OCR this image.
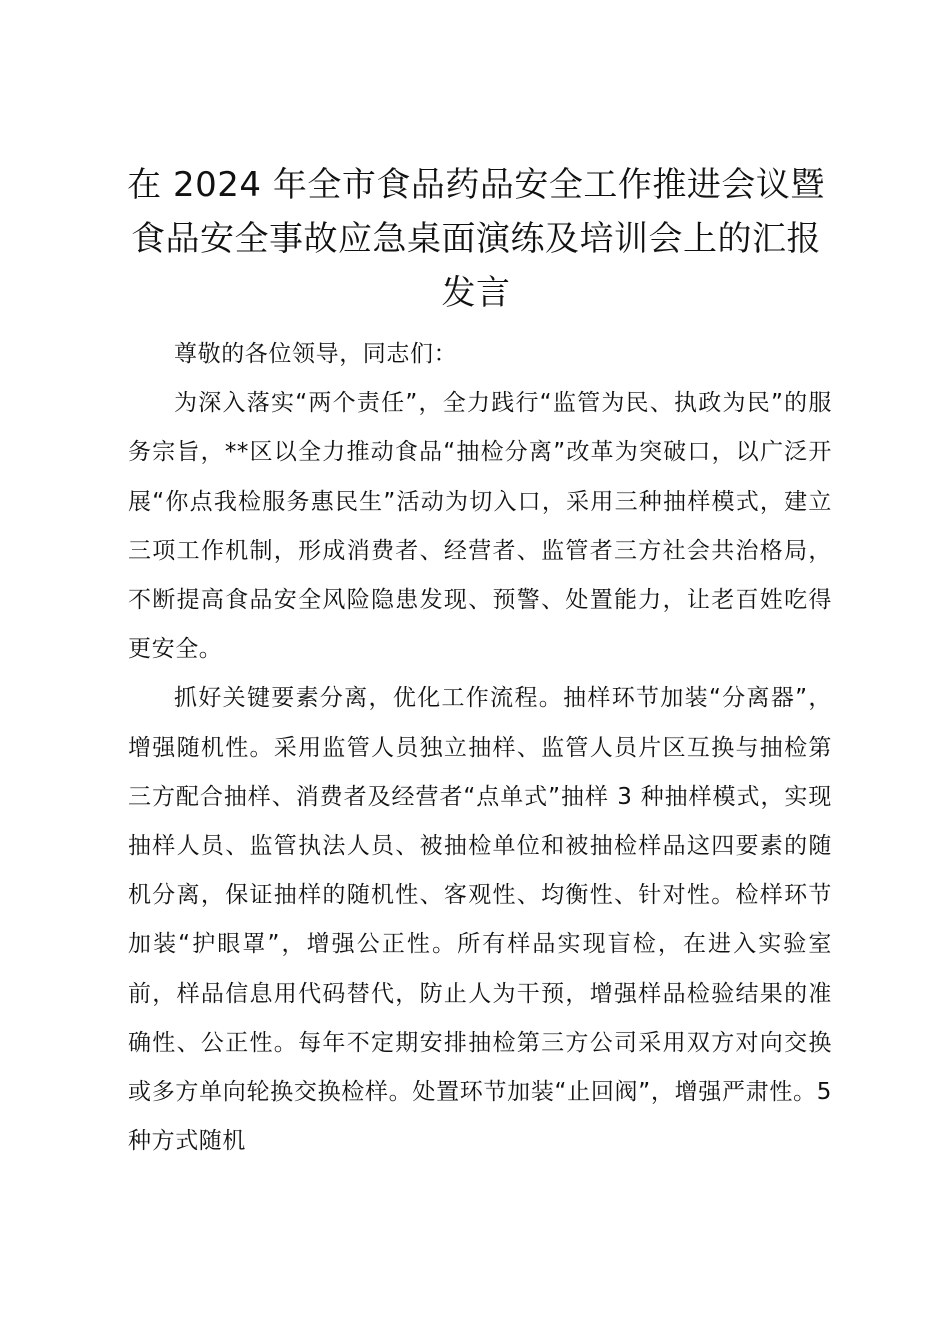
在 2024 年全市食品药品安全工作推进会议暨食品安全事故应急桌面演练及培训会上的汇报发言

尊敬的各位领导，同志们：

为深入落实“两个责任”，全力践行“监管为民、执政为民”的服务宗旨，**区以全力推动食品“抽检分离”改革为突破口，以广泛开展“你点我检服务惠民生”活动为切入口，采用三种抽样模式，建立三项工作机制，形成消费者、经营者、监管者三方社会共治格局，不断提高食品安全风险隐患发现、预警、处置能力，让老百姓吃得更安全。

抓好关键要素分离，优化工作流程。抽样环节加装“分离器”，增强随机性。采用监管人员独立抽样、监管人员片区互换与抽检第三方配合抽样、消费者及经营者“点单式”抽样 3 种抽样模式，实现抽样人员、监管执法人员、被抽检单位和被抽检样品这四要素的随机分离，保证抽样的随机性、客观性、均衡性、针对性。检样环节加装“护眼罩”，增强公正性。所有样品实现盲检，在进入实验室前，样品信息用代码替代，防止人为干预，增强样品检验结果的准确性、公正性。每年不定期安排抽检第三方公司采用双方对向交换或多方单向轮换交换检样。处置环节加装“止回阀”，增强严肃性。5 种方式随机
